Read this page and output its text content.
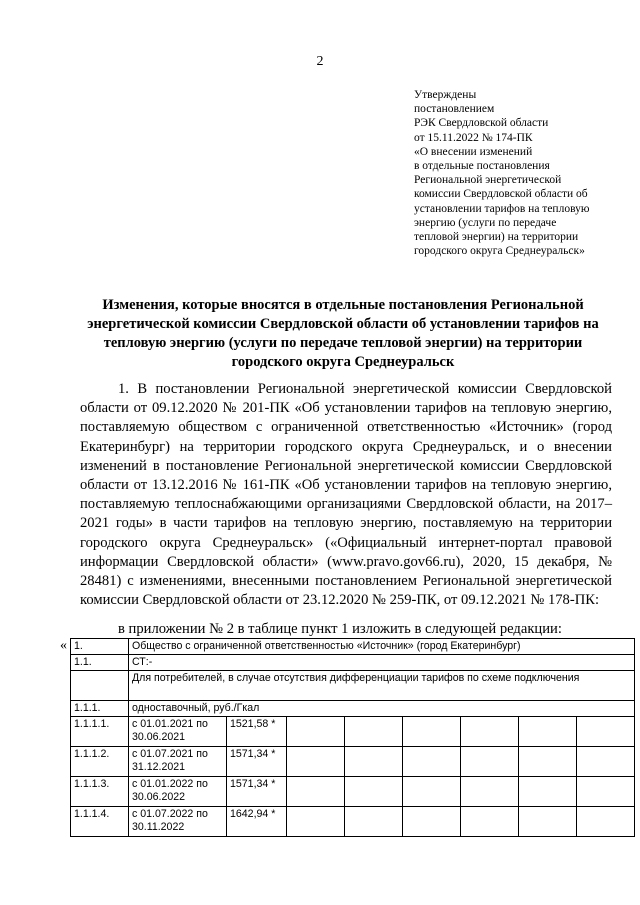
2
Утверждены
постановлением
РЭК Свердловской области
от 15.11.2022 № 174-ПК
«О внесении изменений
в отдельные постановления
Региональной энергетической
комиссии Свердловской области об
установлении тарифов на тепловую
энергию (услуги по передаче
тепловой энергии) на территории
городского округа Среднеуральск»
Изменения, которые вносятся в отдельные постановления Региональной энергетической комиссии Свердловской области об установлении тарифов на тепловую энергию (услуги по передаче тепловой энергии) на территории городского округа Среднеуральск

1. В постановлении Региональной энергетической комиссии Свердловской области от 09.12.2020 № 201-ПК «Об установлении тарифов на тепловую энергию, поставляемую обществом с ограниченной ответственностью «Источник» (город Екатеринбург) на территории городского округа Среднеуральск, и о внесении изменений в постановление Региональной энергетической комиссии Свердловской области от 13.12.2016 № 161-ПК «Об установлении тарифов на тепловую энергию, поставляемую теплоснабжающими организациями Свердловской области, на 2017–2021 годы» в части тарифов на тепловую энергию, поставляемую на территории городского округа Среднеуральск» («Официальный интернет-портал правовой информации Свердловской области» (www.pravo.gov66.ru), 2020, 15 декабря, № 28481) с изменениями, внесенными постановлением Региональной энергетической комиссии Свердловской области от 23.12.2020 № 259-ПК, от 09.12.2021 № 178-ПК:

в приложении № 2 в таблице пункт 1 изложить в следующей редакции:
« 1.	Общество с ограниченной ответственностью «Источник» (город Екатеринбург)							
1.1.	СТ:-							
	Для потребителей, в случае отсутствия дифференциации тарифов по схеме подключения							
1.1.1.	одноставочный, руб./Гкал							
1.1.1.1.	с 01.01.2021 по 30.06.2021	1521,58 *						
1.1.1.2.	с 01.07.2021 по 31.12.2021	1571,34 *						
1.1.1.3.	с 01.01.2022 по 30.06.2022	1571,34 *						
1.1.1.4.	с 01.07.2022 по 30.11.2022	1642,94 *						
